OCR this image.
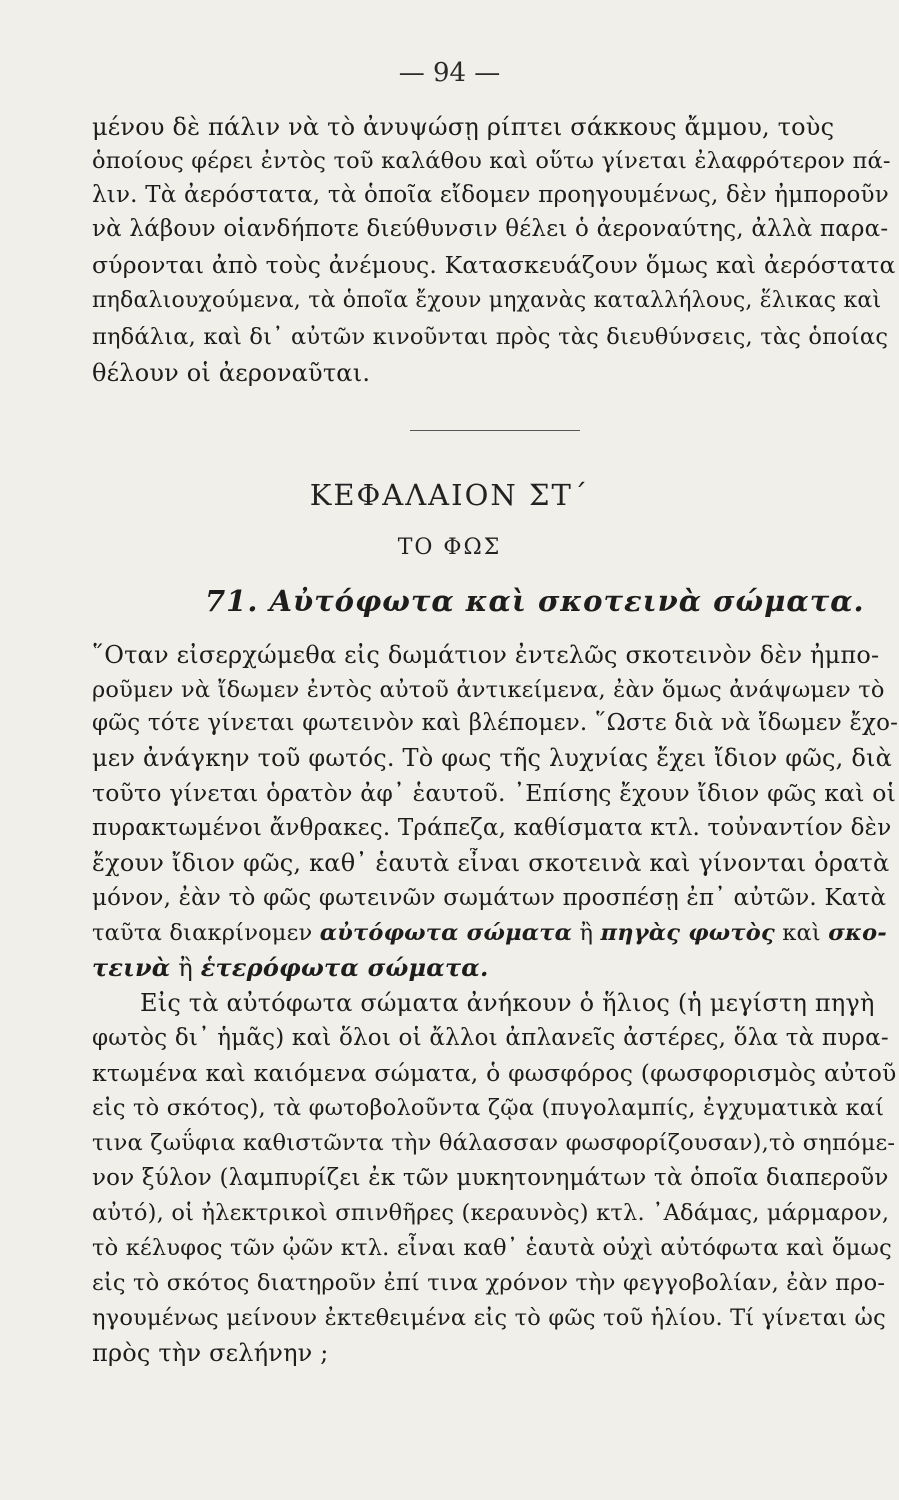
— 94 —
μένου δὲ πάλιν νὰ τὸ ἀνυψώσῃ ρίπτει σάκκους ἄμμου, τοὺς
ὁποίους φέρει ἐντὸς τοῦ καλάθου καὶ οὕτω γίνεται ἐλαφρότερον πά-
λιν. Τὰ ἀερόστατα, τὰ ὁποῖα εἴδομεν προηγουμένως, δὲν ἠμποροῦν
νὰ λάβουν οἱανδήποτε διεύθυνσιν θέλει ὁ ἀεροναύτης, ἀλλὰ παρα-
σύρονται ἀπὸ τοὺς ἀνέμους. Κατασκευάζουν ὅμως καὶ ἀερόστατα
πηδαλιουχούμενα, τὰ ὁποῖα ἔχουν μηχανὰς καταλλήλους, ἕλικας καὶ
πηδάλια, καὶ δι᾿ αὐτῶν κινοῦνται πρὸς τὰς διευθύνσεις, τὰς ὁποίας
θέλουν οἱ ἀεροναῦται.
ΚΕΦΑΛΑΙΟΝ ΣΤ΄
ΤΟ ΦΩΣ
71. Αὐτόφωτα καὶ σκοτεινὰ σώματα.
῞Οταν εἰσερχώμεθα εἰς δωμάτιον ἐντελῶς σκοτεινὸν δὲν ἠμπο-
ροῦμεν νὰ ἴδωμεν ἐντὸς αὐτοῦ ἀντικείμενα, ἐὰν ὅμως ἀνάψωμεν τὸ
φῶς τότε γίνεται φωτεινὸν καὶ βλέπομεν. ῞Ωστε διὰ νὰ ἴδωμεν ἔχο-
μεν ἀνάγκην τοῦ φωτός. Τὸ φως τῆς λυχνίας ἔχει ἴδιον φῶς, διὰ
τοῦτο γίνεται ὁρατὸν ἀφ᾿ ἑαυτοῦ. ᾿Επίσης ἔχουν ἴδιον φῶς καὶ οἱ
πυρακτωμένοι ἄνθρακες. Τράπεζα, καθίσματα κτλ. τοὐναντίον δὲν
ἔχουν ἴδιον φῶς, καθ᾿ ἑαυτὰ εἶναι σκοτεινὰ καὶ γίνονται ὁρατὰ
μόνον, ἐὰν τὸ φῶς φωτεινῶν σωμάτων προσπέσῃ ἐπ᾿ αὐτῶν. Κατὰ
ταῦτα διακρίνομεν αὐτόφωτα σώματα ἢ πηγὰς φωτὸς καὶ σκο-
τεινὰ ἢ ἑτερόφωτα σώματα.
Εἰς τὰ αὐτόφωτα σώματα ἀνήκουν ὁ ἥλιος (ἡ μεγίστη πηγὴ
φωτὸς δι᾿ ἡμᾶς) καὶ ὅλοι οἱ ἄλλοι ἀπλανεῖς ἀστέρες, ὅλα τὰ πυρα-
κτωμένα καὶ καιόμενα σώματα, ὁ φωσφόρος (φωσφορισμὸς αὐτοῦ
εἰς τὸ σκότος), τὰ φωτοβολοῦντα ζῷα (πυγολαμπίς, ἐγχυματικὰ καί
τινα ζωΰφια καθιστῶντα τὴν θάλασσαν φωσφορίζουσαν),τὸ σηπόμε-
νον ξύλον (λαμπυρίζει ἐκ τῶν μυκητονημάτων τὰ ὁποῖα διαπεροῦν
αὐτό), οἱ ἠλεκτρικοὶ σπινθῆρες (κεραυνὸς) κτλ. ᾿Αδάμας, μάρμαρον,
τὸ κέλυφος τῶν ᾠῶν κτλ. εἶναι καθ᾿ ἑαυτὰ οὐχὶ αὐτόφωτα καὶ ὅμως
εἰς τὸ σκότος διατηροῦν ἐπί τινα χρόνον τὴν φεγγοβολίαν, ἐὰν προ-
ηγουμένως μείνουν ἐκτεθειμένα εἰς τὸ φῶς τοῦ ἡλίου. Τί γίνεται ὡς
πρὸς τὴν σελήνην ;
